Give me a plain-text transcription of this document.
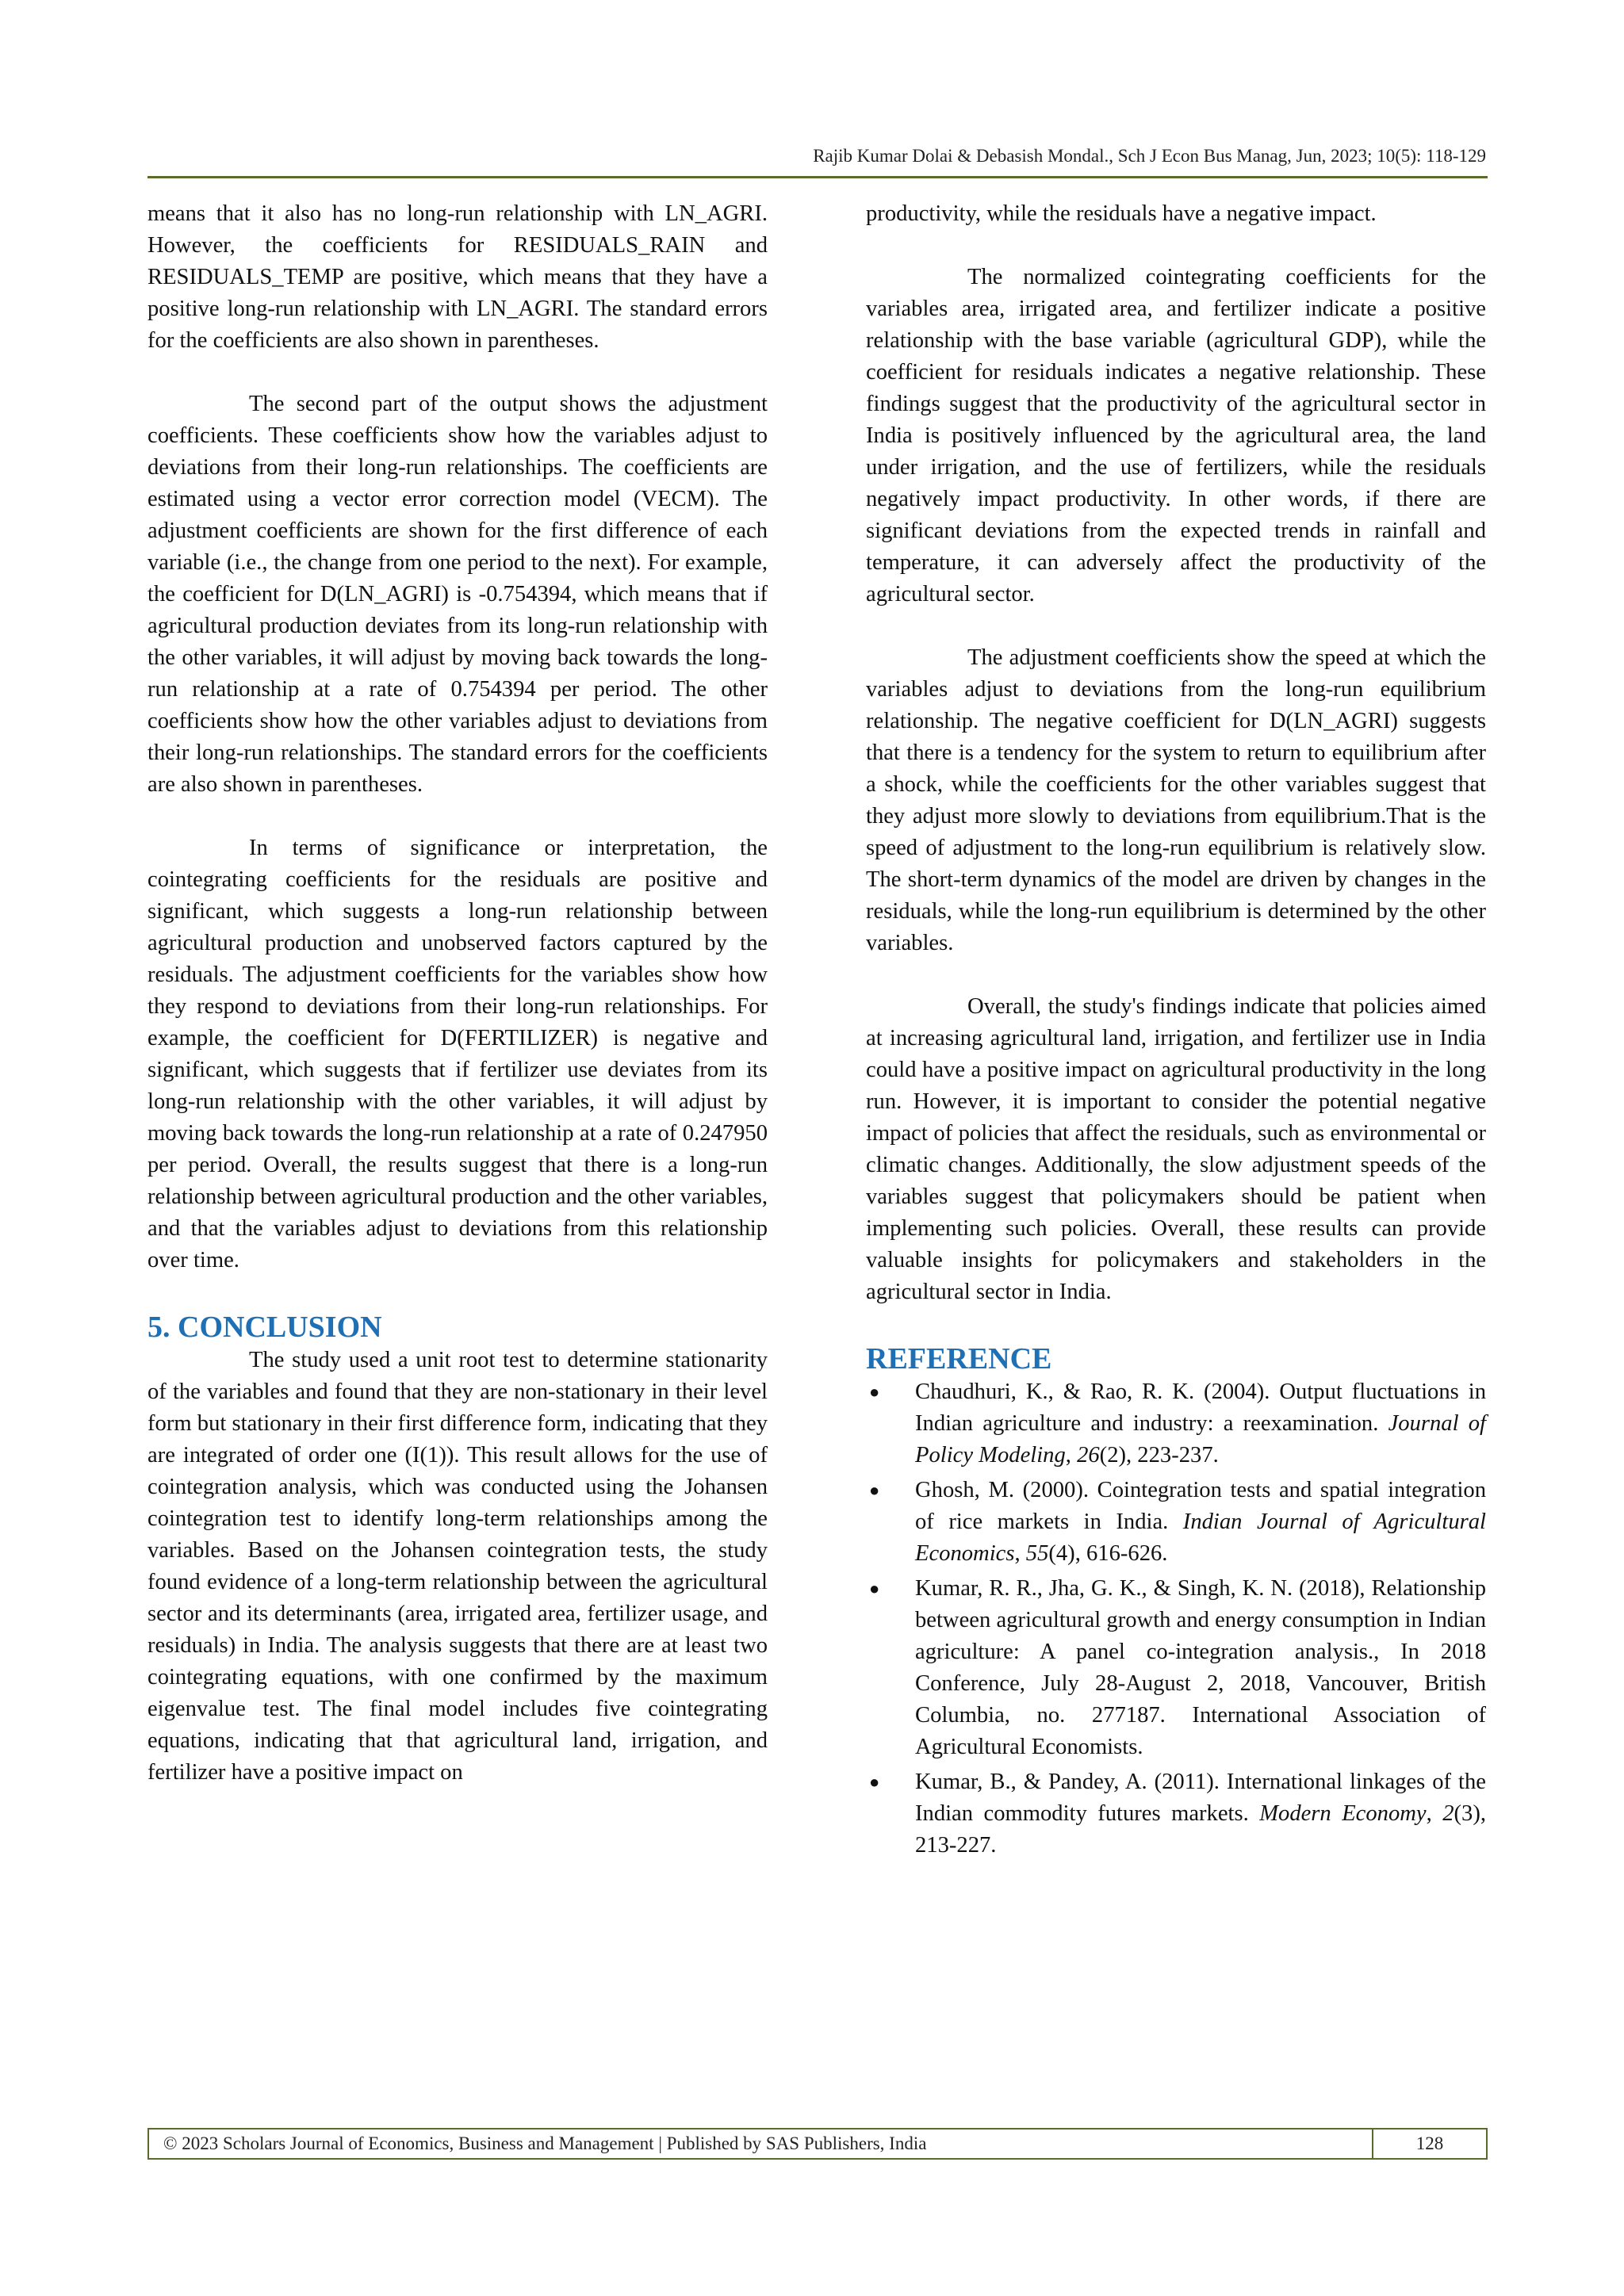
Rajib Kumar Dolai & Debasish Mondal., Sch J Econ Bus Manag, Jun, 2023; 10(5): 118-129

means that it also has no long-run relationship with LN_AGRI. However, the coefficients for RESIDUALS_RAIN and RESIDUALS_TEMP are positive, which means that they have a positive long-run relationship with LN_AGRI. The standard errors for the coefficients are also shown in parentheses.

The second part of the output shows the adjustment coefficients. These coefficients show how the variables adjust to deviations from their long-run relationships. The coefficients are estimated using a vector error correction model (VECM). The adjustment coefficients are shown for the first difference of each variable (i.e., the change from one period to the next). For example, the coefficient for D(LN_AGRI) is -0.754394, which means that if agricultural production deviates from its long-run relationship with the other variables, it will adjust by moving back towards the long-run relationship at a rate of 0.754394 per period. The other coefficients show how the other variables adjust to deviations from their long-run relationships. The standard errors for the coefficients are also shown in parentheses.

In terms of significance or interpretation, the cointegrating coefficients for the residuals are positive and significant, which suggests a long-run relationship between agricultural production and unobserved factors captured by the residuals. The adjustment coefficients for the variables show how they respond to deviations from their long-run relationships. For example, the coefficient for D(FERTILIZER) is negative and significant, which suggests that if fertilizer use deviates from its long-run relationship with the other variables, it will adjust by moving back towards the long-run relationship at a rate of 0.247950 per period. Overall, the results suggest that there is a long-run relationship between agricultural production and the other variables, and that the variables adjust to deviations from this relationship over time.

5. CONCLUSION

The study used a unit root test to determine stationarity of the variables and found that they are non-stationary in their level form but stationary in their first difference form, indicating that they are integrated of order one (I(1)). This result allows for the use of cointegration analysis, which was conducted using the Johansen cointegration test to identify long-term relationships among the variables. Based on the Johansen cointegration tests, the study found evidence of a long-term relationship between the agricultural sector and its determinants (area, irrigated area, fertilizer usage, and residuals) in India. The analysis suggests that there are at least two cointegrating equations, with one confirmed by the maximum eigenvalue test. The final model includes five cointegrating equations, indicating that that agricultural land, irrigation, and fertilizer have a positive impact on

productivity, while the residuals have a negative impact.

The normalized cointegrating coefficients for the variables area, irrigated area, and fertilizer indicate a positive relationship with the base variable (agricultural GDP), while the coefficient for residuals indicates a negative relationship. These findings suggest that the productivity of the agricultural sector in India is positively influenced by the agricultural area, the land under irrigation, and the use of fertilizers, while the residuals negatively impact productivity. In other words, if there are significant deviations from the expected trends in rainfall and temperature, it can adversely affect the productivity of the agricultural sector.

The adjustment coefficients show the speed at which the variables adjust to deviations from the long-run equilibrium relationship. The negative coefficient for D(LN_AGRI) suggests that there is a tendency for the system to return to equilibrium after a shock, while the coefficients for the other variables suggest that they adjust more slowly to deviations from equilibrium.That is the speed of adjustment to the long-run equilibrium is relatively slow. The short-term dynamics of the model are driven by changes in the residuals, while the long-run equilibrium is determined by the other variables.

Overall, the study's findings indicate that policies aimed at increasing agricultural land, irrigation, and fertilizer use in India could have a positive impact on agricultural productivity in the long run. However, it is important to consider the potential negative impact of policies that affect the residuals, such as environmental or climatic changes. Additionally, the slow adjustment speeds of the variables suggest that policymakers should be patient when implementing such policies. Overall, these results can provide valuable insights for policymakers and stakeholders in the agricultural sector in India.

REFERENCE
● Chaudhuri, K., & Rao, R. K. (2004). Output fluctuations in Indian agriculture and industry: a reexamination. Journal of Policy Modeling, 26(2), 223-237.
● Ghosh, M. (2000). Cointegration tests and spatial integration of rice markets in India. Indian Journal of Agricultural Economics, 55(4), 616-626.
● Kumar, R. R., Jha, G. K., & Singh, K. N. (2018), Relationship between agricultural growth and energy consumption in Indian agriculture: A panel co-integration analysis., In 2018 Conference, July 28-August 2, 2018, Vancouver, British Columbia, no. 277187. International Association of Agricultural Economists.
● Kumar, B., & Pandey, A. (2011). International linkages of the Indian commodity futures markets. Modern Economy, 2(3), 213-227.
© 2023 Scholars Journal of Economics, Business and Management | Published by SAS Publishers, India	128
